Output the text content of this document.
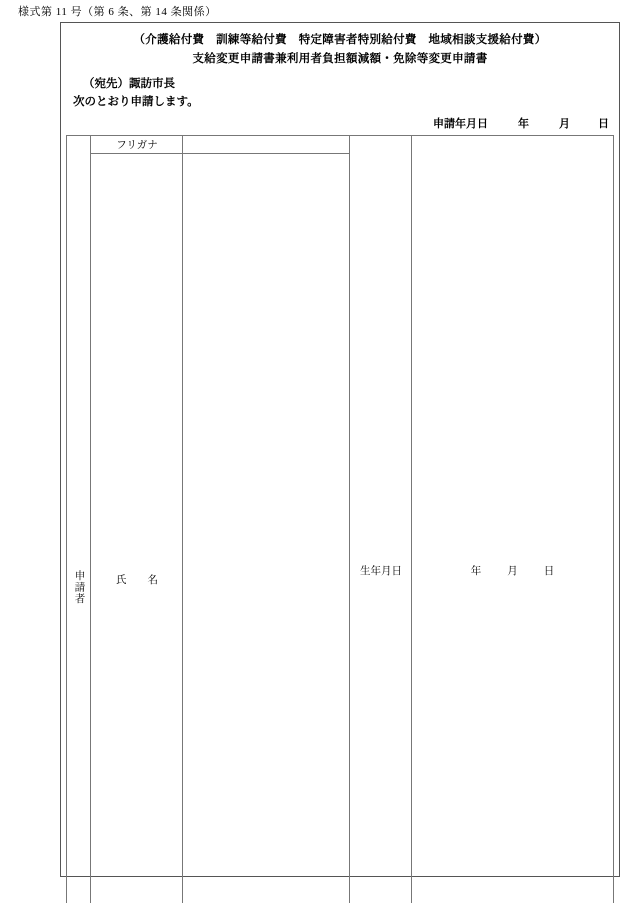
様式第 11 号（第 6 条、第 14 条関係）
（介護給付費　訓練等給付費　特定障害者特別給付費　地域相談支援給付費）
支給変更申請書兼利用者負担額減額・免除等変更申請書
（宛先）諏訪市長
次のとおり申請します。
申請年月日	年	月	日
申請者	フリガナ		生年月日	年 月 日		
	氏　　名					
